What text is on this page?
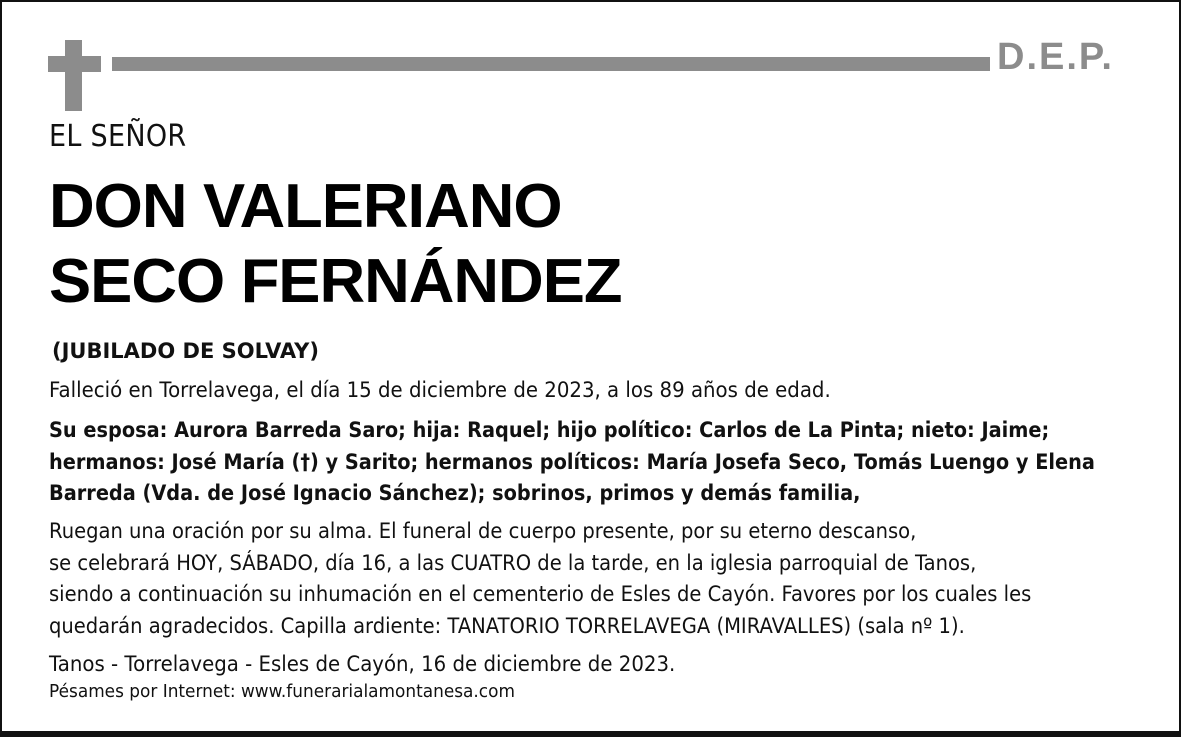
D.E.P.
EL SEÑOR
DON VALERIANO
SECO FERNÁNDEZ
(JUBILADO DE SOLVAY)
Falleció en Torrelavega, el día 15 de diciembre de 2023, a los 89 años de edad.
Su esposa: Aurora Barreda Saro; hija: Raquel; hijo político: Carlos de La Pinta; nieto: Jaime;
hermanos: José María (†) y Sarito; hermanos políticos: María Josefa Seco, Tomás Luengo y Elena
Barreda (Vda. de José Ignacio Sánchez); sobrinos, primos y demás familia,
Ruegan una oración por su alma. El funeral de cuerpo presente, por su eterno descanso,
se celebrará HOY, SÁBADO, día 16, a las CUATRO de la tarde, en la iglesia parroquial de Tanos,
siendo a continuación su inhumación en el cementerio de Esles de Cayón. Favores por los cuales les
quedarán agradecidos. Capilla ardiente: TANATORIO TORRELAVEGA (MIRAVALLES) (sala nº 1).
Tanos - Torrelavega - Esles de Cayón, 16 de diciembre de 2023.
Pésames por Internet: www.funerarialamontanesa.com
